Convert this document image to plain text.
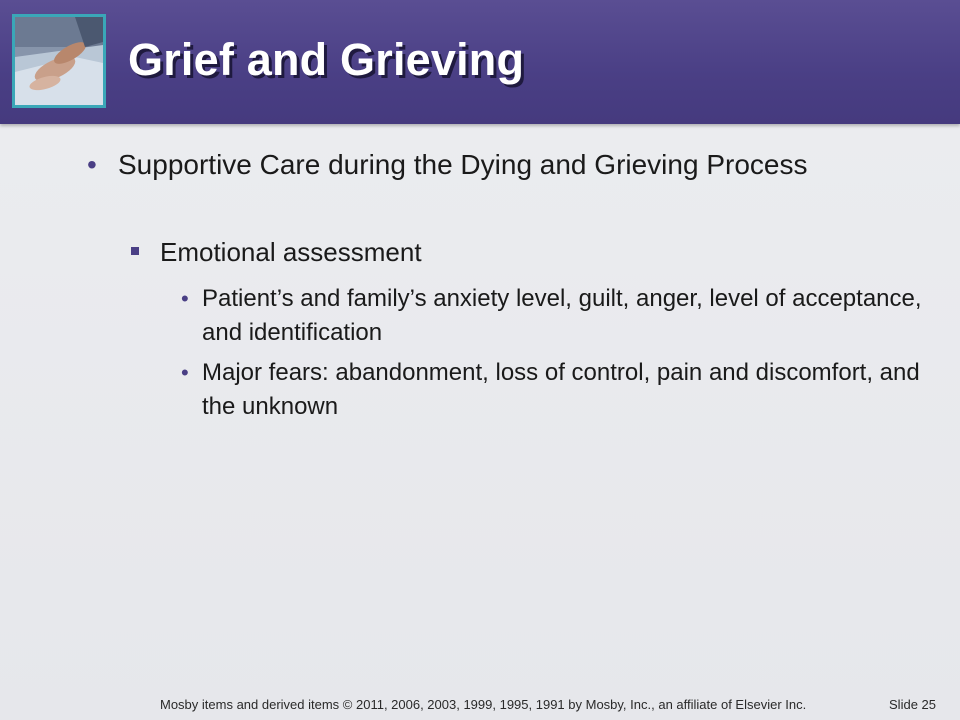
Grief and Grieving
• Supportive Care during the Dying and Grieving Process
Emotional assessment
• Patient’s and family’s anxiety level, guilt, anger, level of acceptance, and identification
• Major fears: abandonment, loss of control, pain and discomfort, and the unknown
Mosby items and derived items © 2011, 2006, 2003, 1999, 1995, 1991 by Mosby, Inc., an affiliate of Elsevier Inc.	Slide 25
